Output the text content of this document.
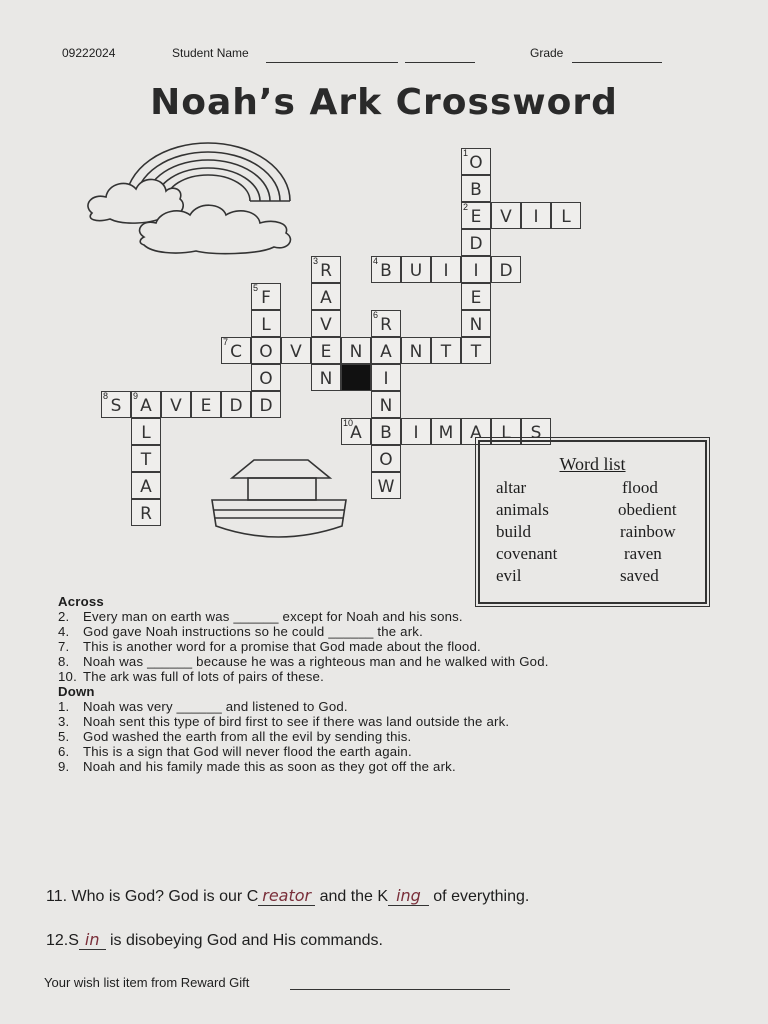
09222024	Student Name	Grade
Noah’s Ark Crossword
2 E	V	I	L
4 B	U	I	I	D
7 C	O	V	E	N	A	N	T
8 S	9 A	V	E	D
10
A	B	I	M A	L	S
1 O
B
D
E
N
T
3 R
A
V
N
5 F
L
O
D
6 R
I
N
O
W
L
T
A
R
Word list
altar	flood
animals	obedient
build	rainbow
covenant	raven
evil	saved
Across
2. Every man on earth was ______ except for Noah and his sons.
4. God gave Noah instructions so he could ______ the ark.
7. This is another word for a promise that God made about the flood.
8. Noah was ______ because he was a righteous man and he walked with God.
10. The ark was full of lots of pairs of these.
Down
1. Noah was very ______ and listened to God.
3. Noah sent this type of bird first to see if there was land outside the ark.
5. God washed the earth from all the evil by sending this.
6. This is a sign that God will never flood the earth again.
9. Noah and his family made this as soon as they got off the ark.
11. Who is God? God is our C reator and the K ing of everything.
12.S in is disobeying God and His commands.
Your wish list item from Reward Gift
